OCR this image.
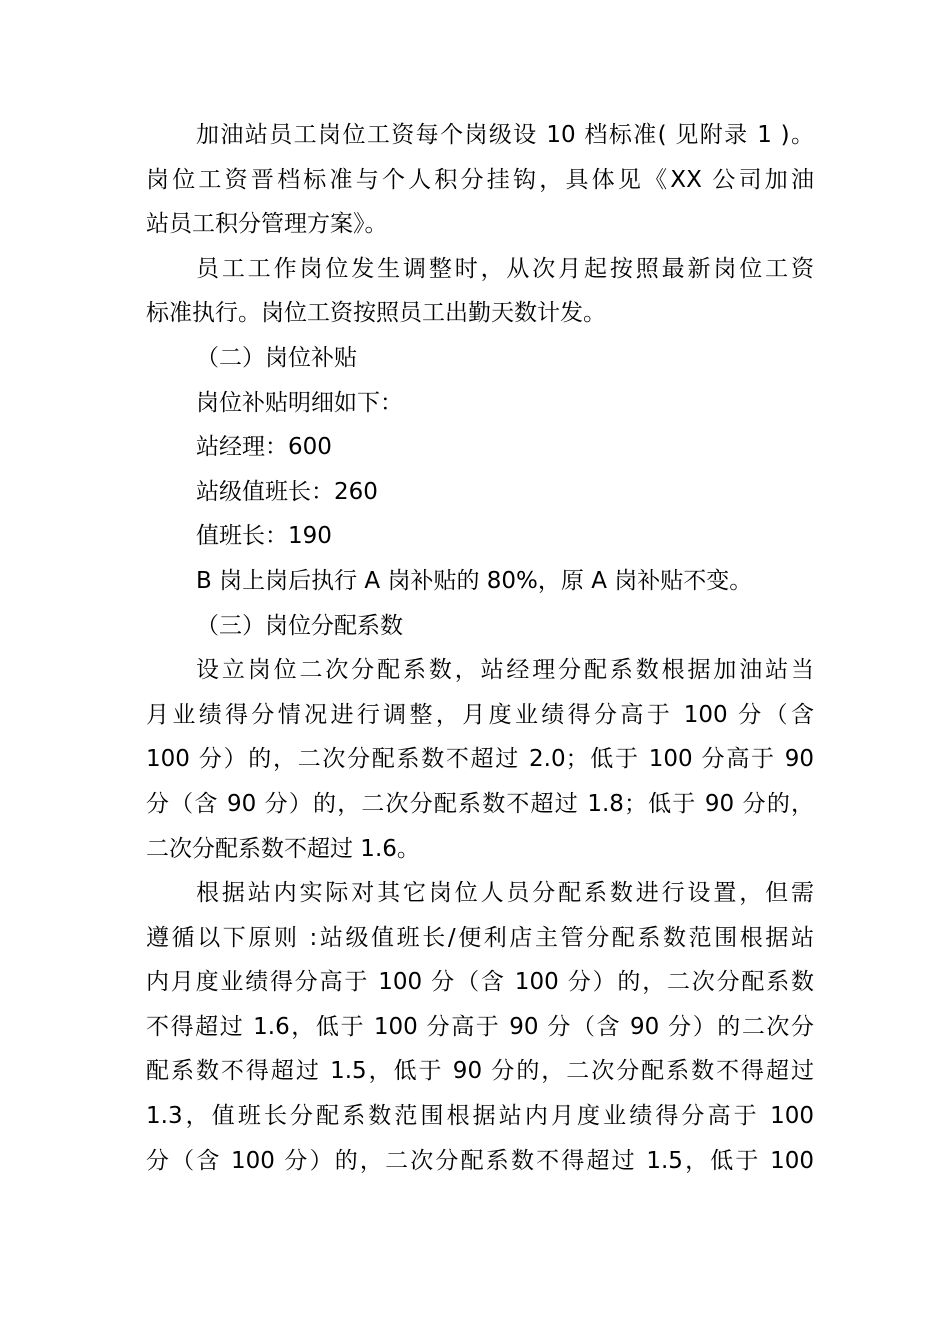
加油站员工岗位工资每个岗级设 10 档标准( 见附录 1 )。
岗位工资晋档标准与个人积分挂钩，具体见《XX 公司加油
站员工积分管理方案》。
员工工作岗位发生调整时，从次月起按照最新岗位工资
标准执行。岗位工资按照员工出勤天数计发。
（二）岗位补贴
岗位补贴明细如下：
站经理：600
站级值班长：260
值班长：190
B 岗上岗后执行 A 岗补贴的 80%，原 A 岗补贴不变。
（三）岗位分配系数
设立岗位二次分配系数，站经理分配系数根据加油站当
月业绩得分情况进行调整，月度业绩得分高于 100 分（含
100 分）的，二次分配系数不超过 2.0；低于 100 分高于 90
分（含 90 分）的，二次分配系数不超过 1.8；低于 90 分的，
二次分配系数不超过 1.6。
根据站内实际对其它岗位人员分配系数进行设置，但需
遵循以下原则 :站级值班长/便利店主管分配系数范围根据站
内月度业绩得分高于 100 分（含 100 分）的，二次分配系数
不得超过 1.6，低于 100 分高于 90 分（含 90 分）的二次分
配系数不得超过 1.5，低于 90 分的，二次分配系数不得超过
1.3，值班长分配系数范围根据站内月度业绩得分高于 100
分（含 100 分）的，二次分配系数不得超过 1.5，低于 100
